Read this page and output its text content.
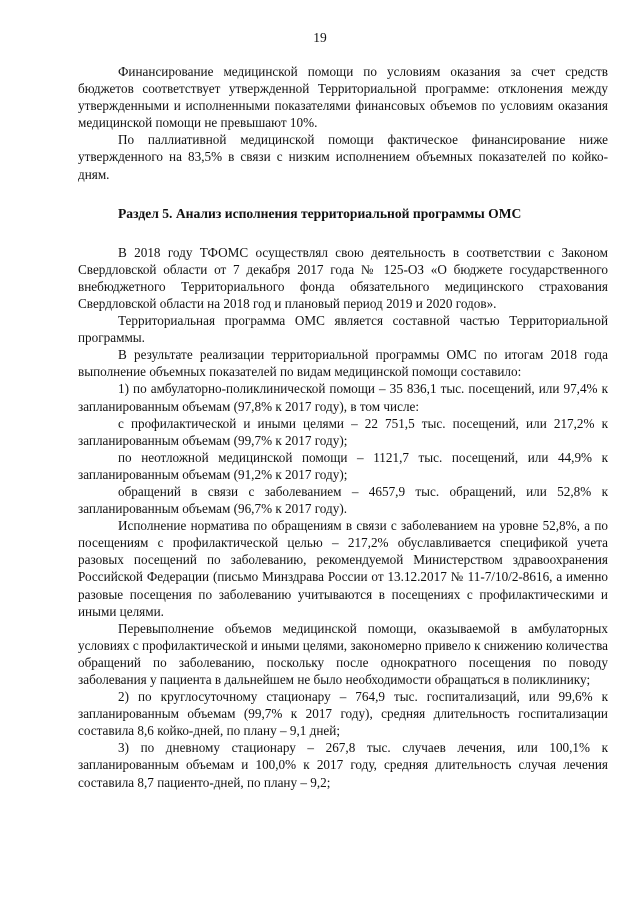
19

Финансирование медицинской помощи по условиям оказания за счет средств бюджетов соответствует утвержденной Территориальной программе: отклонения между утвержденными и исполненными показателями финансовых объемов по условиям оказания медицинской помощи не превышают 10%.

По паллиативной медицинской помощи фактическое финансирование ниже утвержденного на 83,5% в связи с низким исполнением объемных показателей по койко-дням.

Раздел 5. Анализ исполнения территориальной программы ОМС

В 2018 году ТФОМС осуществлял свою деятельность в соответствии с Законом Свердловской области от 7 декабря 2017 года № 125-ОЗ «О бюджете государственного внебюджетного Территориального фонда обязательного медицинского страхования Свердловской области на 2018 год и плановый период 2019 и 2020 годов».

Территориальная программа ОМС является составной частью Территориальной программы.

В результате реализации территориальной программы ОМС по итогам 2018 года выполнение объемных показателей по видам медицинской помощи составило:

1) по амбулаторно-поликлинической помощи – 35 836,1 тыс. посещений, или 97,4% к запланированным объемам (97,8% к 2017 году), в том числе:

с профилактической и иными целями – 22 751,5 тыс. посещений, или 217,2% к запланированным объемам (99,7% к 2017 году);

по неотложной медицинской помощи – 1121,7 тыс. посещений, или 44,9% к запланированным объемам (91,2% к 2017 году);

обращений в связи с заболеванием – 4657,9 тыс. обращений, или 52,8% к запланированным объемам (96,7% к 2017 году).

Исполнение норматива по обращениям в связи с заболеванием на уровне 52,8%, а по посещениям с профилактической целью – 217,2% обуславливается спецификой учета разовых посещений по заболеванию, рекомендуемой Министерством здравоохранения Российской Федерации (письмо Минздрава России от 13.12.2017 № 11-7/10/2-8616, а именно разовые посещения по заболеванию учитываются в посещениях с профилактическими и иными целями.

Перевыполнение объемов медицинской помощи, оказываемой в амбулаторных условиях с профилактической и иными целями, закономерно привело к снижению количества обращений по заболеванию, поскольку после однократного посещения по поводу заболевания у пациента в дальнейшем не было необходимости обращаться в поликлинику;

2) по круглосуточному стационару – 764,9 тыс. госпитализаций, или 99,6% к запланированным объемам (99,7% к 2017 году), средняя длительность госпитализации составила 8,6 койко-дней, по плану – 9,1 дней;

3) по дневному стационару – 267,8 тыс. случаев лечения, или 100,1% к запланированным объемам и 100,0% к 2017 году, средняя длительность случая лечения составила 8,7 пациенто-дней, по плану – 9,2;
